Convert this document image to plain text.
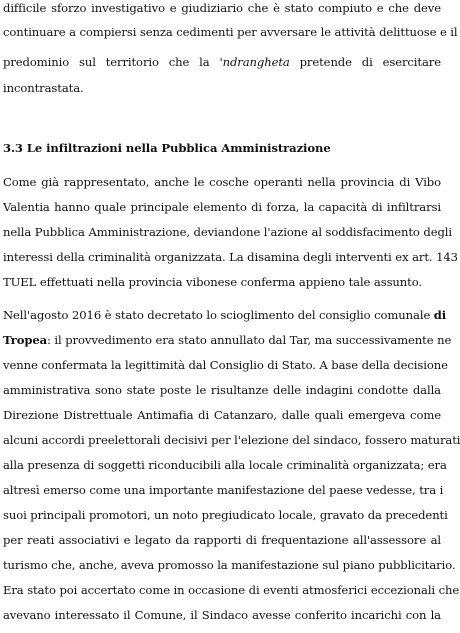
difficile sforzo investigativo e giudiziario che è stato compiuto e che deve
continuare a compiersi senza cedimenti per avversare le attività delittuose e il
predominio sul territorio che la 'ndrangheta pretende di esercitare
incontrastata.
3.3 Le infiltrazioni nella Pubblica Amministrazione
Come già rappresentato, anche le cosche operanti nella provincia di Vibo
Valentia hanno quale principale elemento di forza, la capacità di infiltrarsi
nella Pubblica Amministrazione, deviandone l'azione al soddisfacimento degli
interessi della criminalità organizzata. La disamina degli interventi ex art. 143
TUEL effettuati nella provincia vibonese conferma appieno tale assunto.
Nell'agosto 2016 è stato decretato lo scioglimento del consiglio comunale di
Tropea: il provvedimento era stato annullato dal Tar, ma successivamente ne
venne confermata la legittimità dal Consiglio di Stato. A base della decisione
amministrativa sono state poste le risultanze delle indagini condotte dalla
Direzione Distrettuale Antimafia di Catanzaro, dalle quali emergeva come
alcuni accordi preelettorali decisivi per l'elezione del sindaco, fossero maturati
alla presenza di soggetti riconducibili alla locale criminalità organizzata; era
altresì emerso come una importante manifestazione del paese vedesse, tra i
suoi principali promotori, un noto pregiudicato locale, gravato da precedenti
per reati associativi e legato da rapporti di frequentazione all'assessore al
turismo che, anche, aveva promosso la manifestazione sul piano pubblicitario.
Era stato poi accertato come in occasione di eventi atmosferici eccezionali che
avevano interessato il Comune, il Sindaco avesse conferito incarichi con la
